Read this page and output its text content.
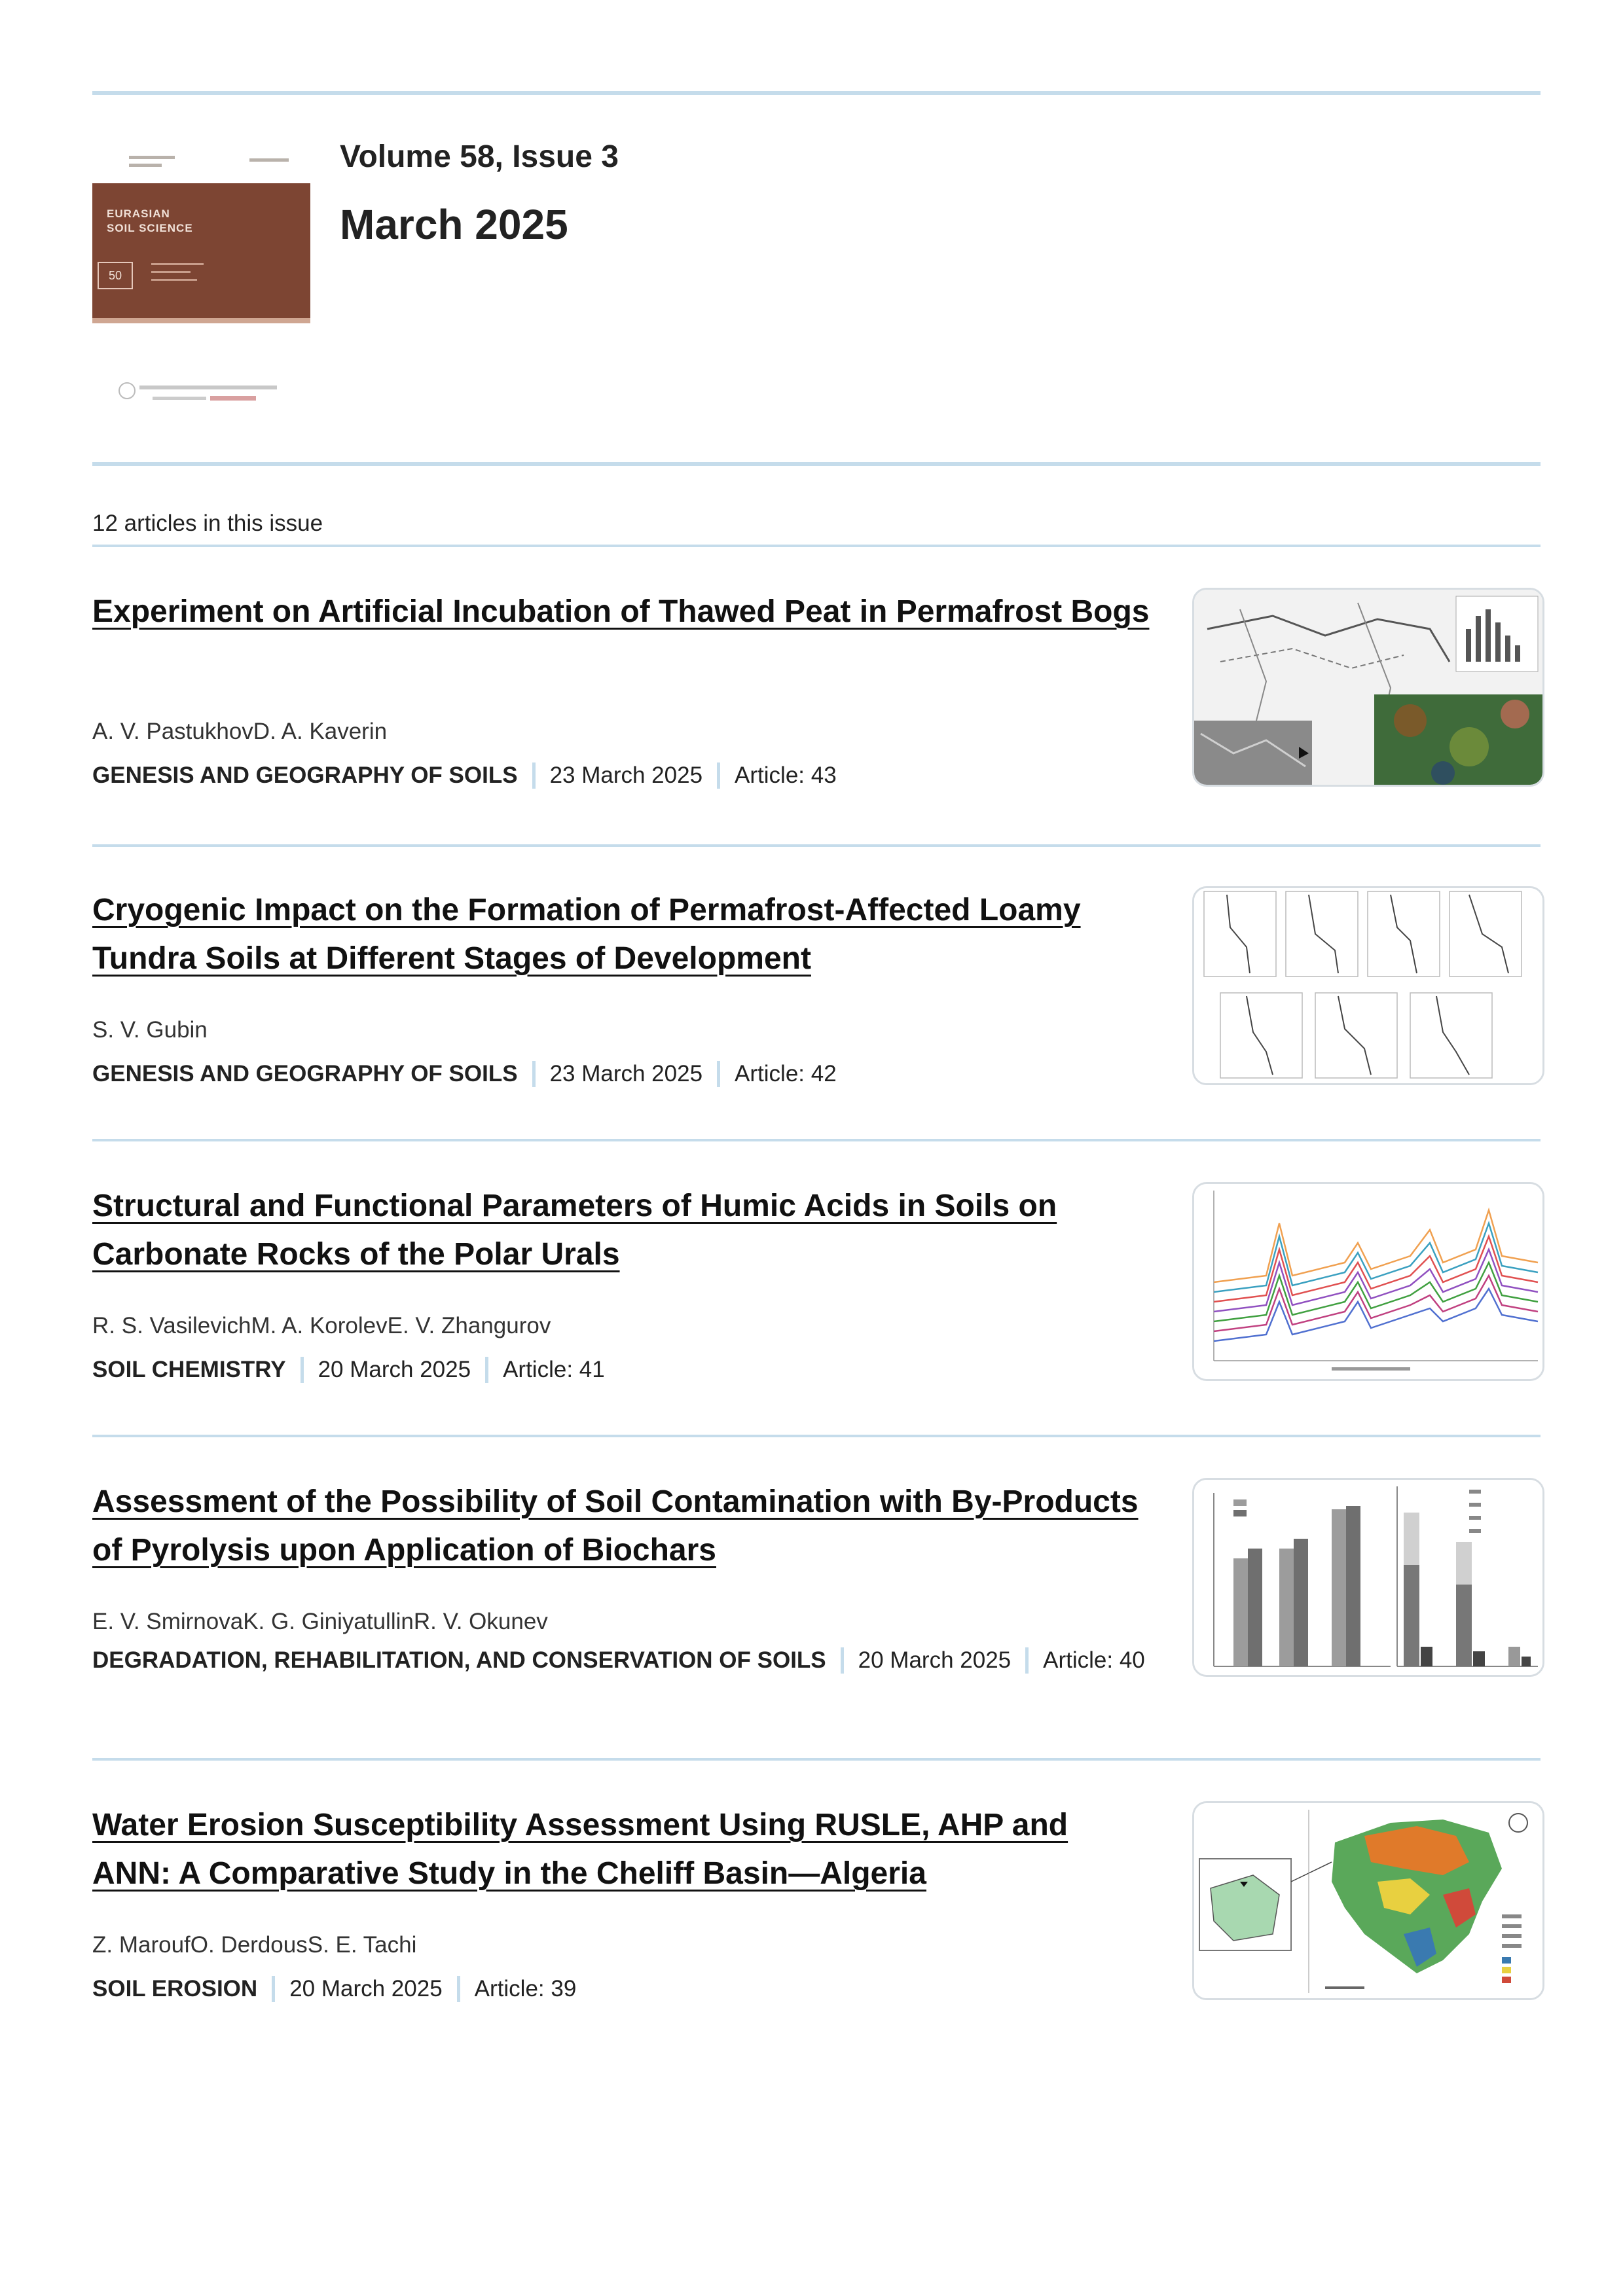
EURASIAN
SOIL SCIENCE
50
Volume 58, Issue 3
March 2025
12 articles in this issue
Experiment on Artificial Incubation of Thawed Peat in Permafrost Bogs
A. V. PastukhovD. A. Kaverin
GENESIS AND GEOGRAPHY OF SOILS 23 March 2025 Article: 43
Cryogenic Impact on the Formation of Permafrost-Affected Loamy Tundra Soils at Different Stages of Development
S. V. Gubin
GENESIS AND GEOGRAPHY OF SOILS 23 March 2025 Article: 42
Structural and Functional Parameters of Humic Acids in Soils on Carbonate Rocks of the Polar Urals
R. S. VasilevichM. A. KorolevE. V. Zhangurov
SOIL CHEMISTRY 20 March 2025 Article: 41
Assessment of the Possibility of Soil Contamination with By-Products of Pyrolysis upon Application of Biochars
E. V. SmirnovaK. G. GiniyatullinR. V. Okunev
DEGRADATION, REHABILITATION, AND CONSERVATION OF SOILS 20 March 2025 Article: 40
Water Erosion Susceptibility Assessment Using RUSLE, AHP and ANN: A Comparative Study in the Cheliff Basin—Algeria
Z. MaroufO. DerdousS. E. Tachi
SOIL EROSION 20 March 2025 Article: 39
